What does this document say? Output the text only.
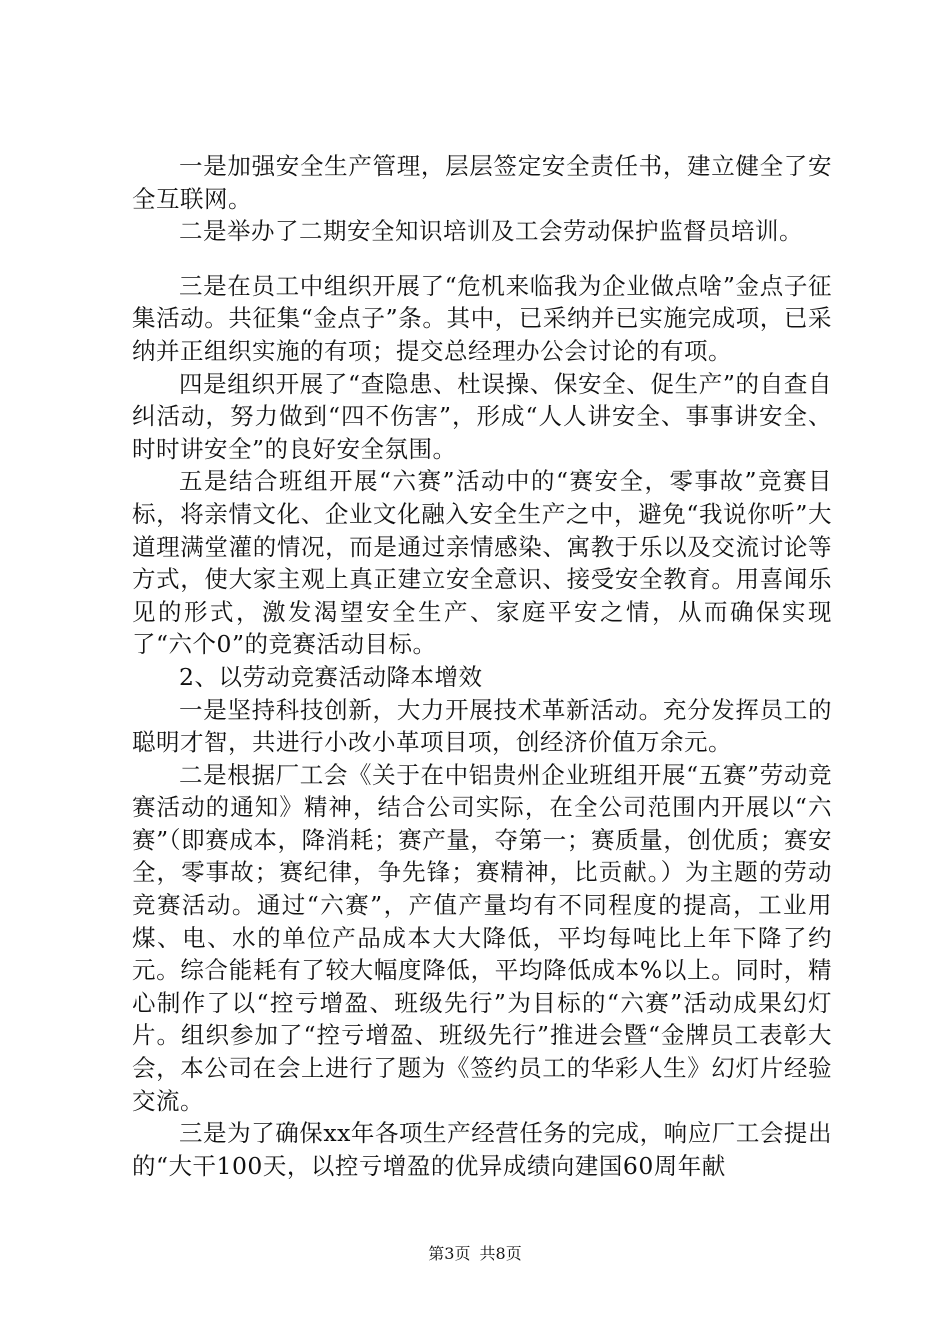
一是加强安全生产管理，层层签定安全责任书，建立健全了安全互联网。

二是举办了二期安全知识培训及工会劳动保护监督员培训。

三是在员工中组织开展了“危机来临我为企业做点啥”金点子征集活动。共征集“金点子”条。其中，已采纳并已实施完成项，已采纳并正组织实施的有项；提交总经理办公会讨论的有项。

四是组织开展了“查隐患、杜误操、保安全、促生产”的自查自纠活动，努力做到“四不伤害”，形成“人人讲安全、事事讲安全、时时讲安全”的良好安全氛围。

五是结合班组开展“六赛”活动中的“赛安全，零事故”竞赛目标，将亲情文化、企业文化融入安全生产之中，避免“我说你听”大道理满堂灌的情况，而是通过亲情感染、寓教于乐以及交流讨论等方式，使大家主观上真正建立安全意识、接受安全教育。用喜闻乐见的形式，激发渴望安全生产、家庭平安之情，从而确保实现了“六个0”的竞赛活动目标。

2、以劳动竞赛活动降本增效

一是坚持科技创新，大力开展技术革新活动。充分发挥员工的聪明才智，共进行小改小革项目项，创经济价值万余元。

二是根据厂工会《关于在中铝贵州企业班组开展“五赛”劳动竞赛活动的通知》精神，结合公司实际，在全公司范围内开展以“六赛”（即赛成本，降消耗；赛产量，夺第一；赛质量，创优质；赛安全，零事故；赛纪律，争先锋；赛精神，比贡献。）为主题的劳动竞赛活动。通过“六赛”，产值产量均有不同程度的提高，工业用煤、电、水的单位产品成本大大降低，平均每吨比上年下降了约元。综合能耗有了较大幅度降低，平均降低成本%以上。同时，精心制作了以“控亏增盈、班级先行”为目标的“六赛”活动成果幻灯片。组织参加了“控亏增盈、班级先行”推进会暨“金牌员工表彰大会，本公司在会上进行了题为《签约员工的华彩人生》幻灯片经验交流。

三是为了确保xx年各项生产经营任务的完成，响应厂工会提出的“大干100天，以控亏增盈的优异成绩向建国60周年献

第3页 共8页
